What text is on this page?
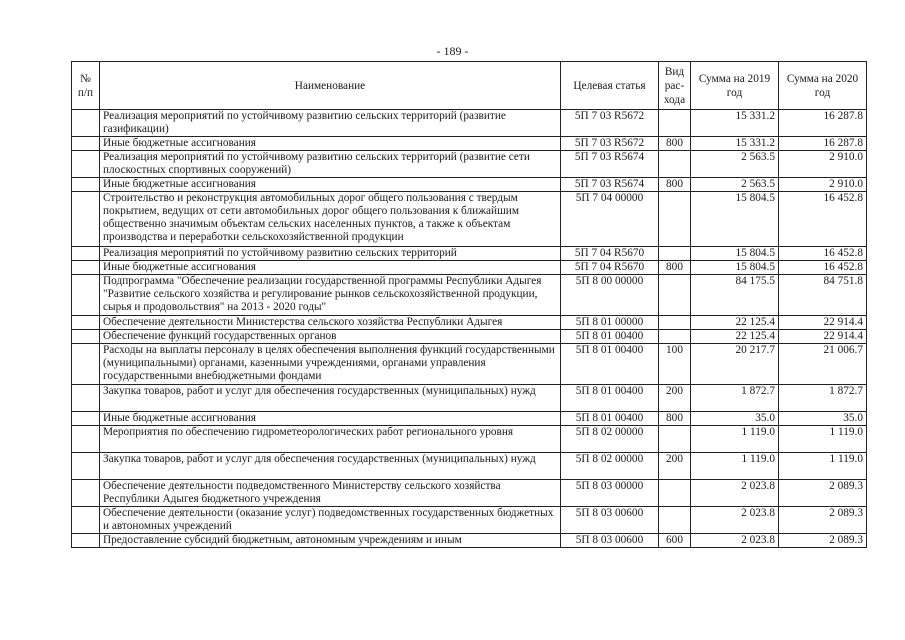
- 189 -
№ п/п	Наименование	Целевая статья	Вид рас-хода	Сумма на 2019 год	Сумма на 2020 год
	Реализация мероприятий по устойчивому развитию сельских территорий (развитие газификации)	5П 7 03 R5672		15 331.2	16 287.8
	Иные бюджетные ассигнования	5П 7 03 R5672	800	15 331.2	16 287.8
	Реализация мероприятий по устойчивому развитию сельских территорий (развитие сети плоскостных спортивных сооружений)	5П 7 03 R5674		2 563.5	2 910.0
	Иные бюджетные ассигнования	5П 7 03 R5674	800	2 563.5	2 910.0
	Строительство и реконструкция автомобильных дорог общего пользования с твердым покрытием, ведущих от сети автомобильных дорог общего пользования к ближайшим общественно значимым объектам сельских населенных пунктов, а также к объектам производства и переработки сельскохозяйственной продукции	5П 7 04 00000		15 804.5	16 452.8
	Реализация мероприятий по устойчивому развитию сельских территорий	5П 7 04 R5670		15 804.5	16 452.8
	Иные бюджетные ассигнования	5П 7 04 R5670	800	15 804.5	16 452.8
	Подпрограмма "Обеспечение реализации государственной программы Республики Адыгея "Развитие сельского хозяйства и регулирование рынков сельскохозяйственной продукции, сырья и продовольствия" на 2013 - 2020 годы"	5П 8 00 00000		84 175.5	84 751.8
	Обеспечение деятельности Министерства сельского хозяйства Республики Адыгея	5П 8 01 00000		22 125.4	22 914.4
	Обеспечение функций государственных органов	5П 8 01 00400		22 125.4	22 914.4
	Расходы на выплаты персоналу в целях обеспечения выполнения функций государственными (муниципальными) органами, казенными учреждениями, органами управления государственными внебюджетными фондами	5П 8 01 00400	100	20 217.7	21 006.7
	Закупка товаров, работ и услуг для обеспечения государственных (муниципальных) нужд	5П 8 01 00400	200	1 872.7	1 872.7
	Иные бюджетные ассигнования	5П 8 01 00400	800	35.0	35.0
	Мероприятия по обеспечению гидрометеорологических работ регионального уровня	5П 8 02 00000		1 119.0	1 119.0
	Закупка товаров, работ и услуг для обеспечения государственных (муниципальных) нужд	5П 8 02 00000	200	1 119.0	1 119.0
	Обеспечение деятельности подведомственного Министерству сельского хозяйства Республики Адыгея бюджетного учреждения	5П 8 03 00000		2 023.8	2 089.3
	Обеспечение деятельности (оказание услуг) подведомственных государственных бюджетных и автономных учреждений	5П 8 03 00600		2 023.8	2 089.3
	Предоставление субсидий бюджетным, автономным учреждениям и иным	5П 8 03 00600	600	2 023.8	2 089.3
